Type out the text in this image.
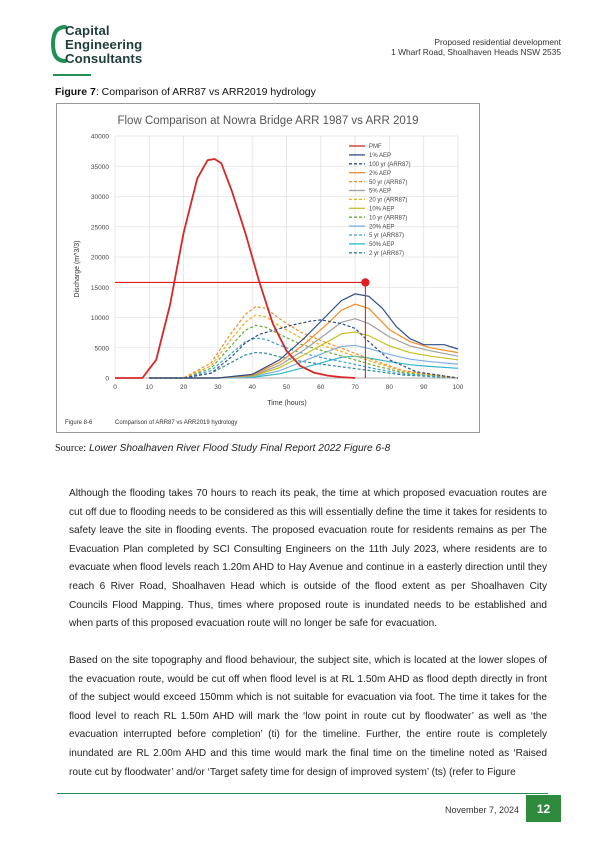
Capital
Engineering
Consultants
Proposed residential development
1 Wharf Road, Shoalhaven Heads NSW 2535
Figure 7: Comparison of ARR87 vs ARR2019 hydrology
Flow Comparison at Nowra Bridge ARR 1987 vs ARR 2019
0
5000
10000
15000
20000
25000
30000
35000
40000
0	10	20	30	40	50	60	70	80	90	100
PMF
1% AEP
100 yr (ARR87)
2% AEP
50 yr (ARR87)
5% AEP
20 yr (ARR87)
10% AEP
10 yr (ARR87)
20% AEP
5 yr (ARR87)
50% AEP
2 yr (ARR87)
Discharge (m^3/3)
Time (hours)
Figure 8-6	Comparison of ARR87 vs ARR2019 hydrology
Source: Lower Shoalhaven River Flood Study Final Report 2022 Figure 6-8
Although the flooding takes 70 hours to reach its peak, the time at which proposed evacuation routes are cut off due to flooding needs to be considered as this will essentially define the time it takes for residents to safety leave the site in flooding events. The proposed evacuation route for residents remains as per The Evacuation Plan completed by SCI Consulting Engineers on the 11th July 2023, where residents are to evacuate when flood levels reach 1.20m AHD to Hay Avenue and continue in a easterly direction until they reach 6 River Road, Shoalhaven Head which is outside of the flood extent as per Shoalhaven City Councils Flood Mapping. Thus, times where proposed route is inundated needs to be established and when parts of this proposed evacuation route will no longer be safe for evacuation.
Based on the site topography and flood behaviour, the subject site, which is located at the lower slopes of the evacuation route, would be cut off when flood level is at RL 1.50m AHD as flood depth directly in front of the subject would exceed 150mm which is not suitable for evacuation via foot. The time it takes for the flood level to reach RL 1.50m AHD will mark the ‘low point in route cut by floodwater’ as well as ‘the evacuation interrupted before completion’ (ti) for the timeline. Further, the entire route is completely inundated are RL 2.00m AHD and this time would mark the final time on the timeline noted as ‘Raised route cut by floodwater’ and/or ‘Target safety time for design of improved system’ (ts) (refer to Figure
November 7, 2024	12
